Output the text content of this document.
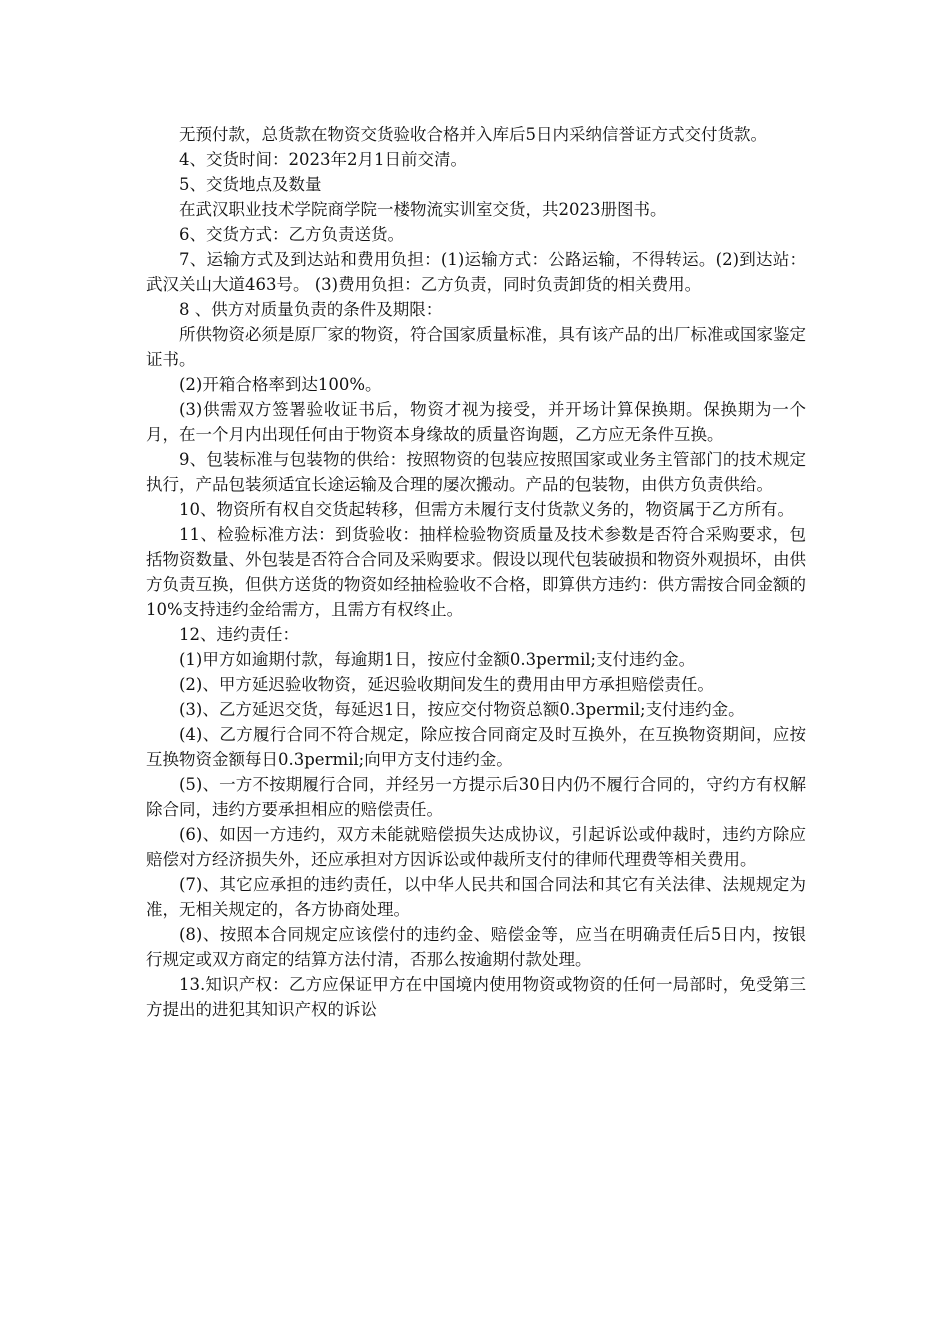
无预付款，总货款在物资交货验收合格并入库后5日内采纳信誉证方式交付货款。

4、交货时间：2023年2月1日前交清。

5、交货地点及数量

在武汉职业技术学院商学院一楼物流实训室交货，共2023册图书。

6、交货方式：乙方负责送货。

7、运输方式及到达站和费用负担：(1)运输方式：公路运输，不得转运。(2)到达站：武汉关山大道463号。 (3)费用负担：乙方负责，同时负责卸货的相关费用。

8 、供方对质量负责的条件及期限：

所供物资必须是原厂家的物资，符合国家质量标准，具有该产品的出厂标准或国家鉴定证书。

(2)开箱合格率到达100%。

(3)供需双方签署验收证书后，物资才视为接受，并开场计算保换期。保换期为一个月，在一个月内出现任何由于物资本身缘故的质量咨询题，乙方应无条件互换。

9、包装标准与包装物的供给：按照物资的包装应按照国家或业务主管部门的技术规定执行，产品包装须适宜长途运输及合理的屡次搬动。产品的包装物，由供方负责供给。

10、物资所有权自交货起转移，但需方未履行支付货款义务的，物资属于乙方所有。

11、检验标准方法：到货验收：抽样检验物资质量及技术参数是否符合采购要求，包括物资数量、外包装是否符合合同及采购要求。假设以现代包装破损和物资外观损坏，由供方负责互换，但供方送货的物资如经抽检验收不合格，即算供方违约：供方需按合同金额的10%支持违约金给需方，且需方有权终止。

12、违约责任：

(1)甲方如逾期付款，每逾期1日，按应付金额0.3permil;支付违约金。

(2)、甲方延迟验收物资，延迟验收期间发生的费用由甲方承担赔偿责任。

(3)、乙方延迟交货，每延迟1日，按应交付物资总额0.3permil;支付违约金。

(4)、乙方履行合同不符合规定，除应按合同商定及时互换外，在互换物资期间，应按互换物资金额每日0.3permil;向甲方支付违约金。

(5)、一方不按期履行合同，并经另一方提示后30日内仍不履行合同的，守约方有权解除合同，违约方要承担相应的赔偿责任。

(6)、如因一方违约，双方未能就赔偿损失达成协议，引起诉讼或仲裁时，违约方除应赔偿对方经济损失外，还应承担对方因诉讼或仲裁所支付的律师代理费等相关费用。

(7)、其它应承担的违约责任，以中华人民共和国合同法和其它有关法律、法规规定为准，无相关规定的，各方协商处理。

(8)、按照本合同规定应该偿付的违约金、赔偿金等，应当在明确责任后5日内，按银行规定或双方商定的结算方法付清，否那么按逾期付款处理。

13.知识产权：乙方应保证甲方在中国境内使用物资或物资的任何一局部时，免受第三方提出的进犯其知识产权的诉讼
